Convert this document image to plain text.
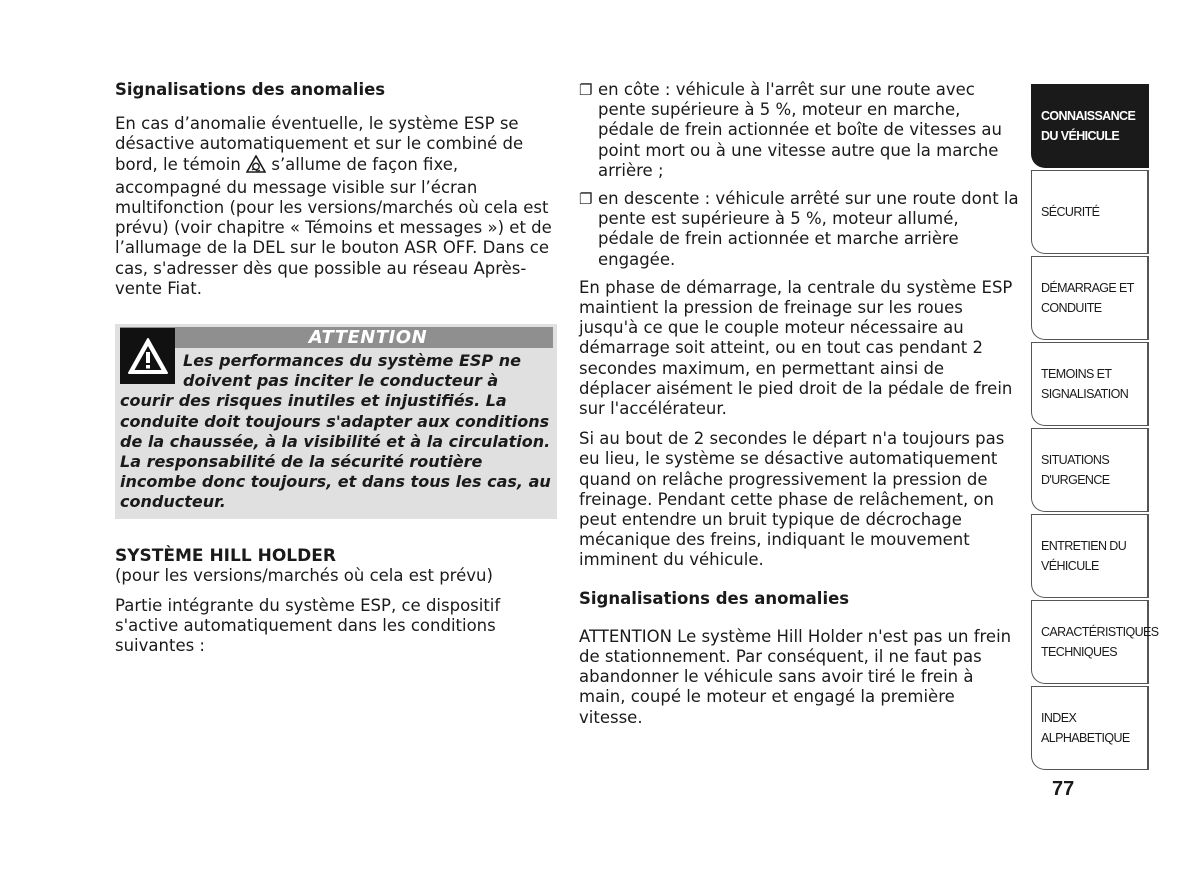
Signalisations des anomalies

En cas d’anomalie éventuelle, le système ESP se désactive automatiquement et sur le combiné de bord, le témoin s’allume de façon fixe, accompagné du message visible sur l’écran multifonction (pour les versions/marchés où cela est prévu) (voir chapitre « Témoins et messages ») et de l’allumage de la DEL sur le bouton ASR OFF. Dans ce cas, s'adresser dès que possible au réseau Après-vente Fiat.

ATTENTION

Les performances du système ESP ne doivent pas inciter le conducteur à courir des risques inutiles et injustifiés. La conduite doit toujours s'adapter aux conditions de la chaussée, à la visibilité et à la circulation. La responsabilité de la sécurité routière incombe donc toujours, et dans tous les cas, au conducteur.

SYSTÈME HILL HOLDER

(pour les versions/marchés où cela est prévu)

Partie intégrante du système ESP, ce dispositif s'active automatiquement dans les conditions suivantes :

❐ en côte : véhicule à l'arrêt sur une route avec pente supérieure à 5 %, moteur en marche, pédale de frein actionnée et boîte de vitesses au point mort ou à une vitesse autre que la marche arrière ;
❐ en descente : véhicule arrêté sur une route dont la pente est supérieure à 5 %, moteur allumé, pédale de frein actionnée et marche arrière engagée.

En phase de démarrage, la centrale du système ESP maintient la pression de freinage sur les roues jusqu'à ce que le couple moteur nécessaire au démarrage soit atteint, ou en tout cas pendant 2 secondes maximum, en permettant ainsi de déplacer aisément le pied droit de la pédale de frein sur l'accélérateur.

Si au bout de 2 secondes le départ n'a toujours pas eu lieu, le système se désactive automatiquement quand on relâche progressivement la pression de freinage. Pendant cette phase de relâchement, on peut entendre un bruit typique de décrochage mécanique des freins, indiquant le mouvement imminent du véhicule.

Signalisations des anomalies

ATTENTION Le système Hill Holder n'est pas un frein de stationnement. Par conséquent, il ne faut pas abandonner le véhicule sans avoir tiré le frein à main, coupé le moteur et engagé la première vitesse.

CONNAISSANCE DU VÉHICULE
SÉCURITÉ
DÉMARRAGE ET CONDUITE
TEMOINS ET SIGNALISATION
SITUATIONS D'URGENCE
ENTRETIEN DU VÉHICULE
CARACTÉRISTIQUES TECHNIQUES
INDEX ALPHABETIQUE
77
